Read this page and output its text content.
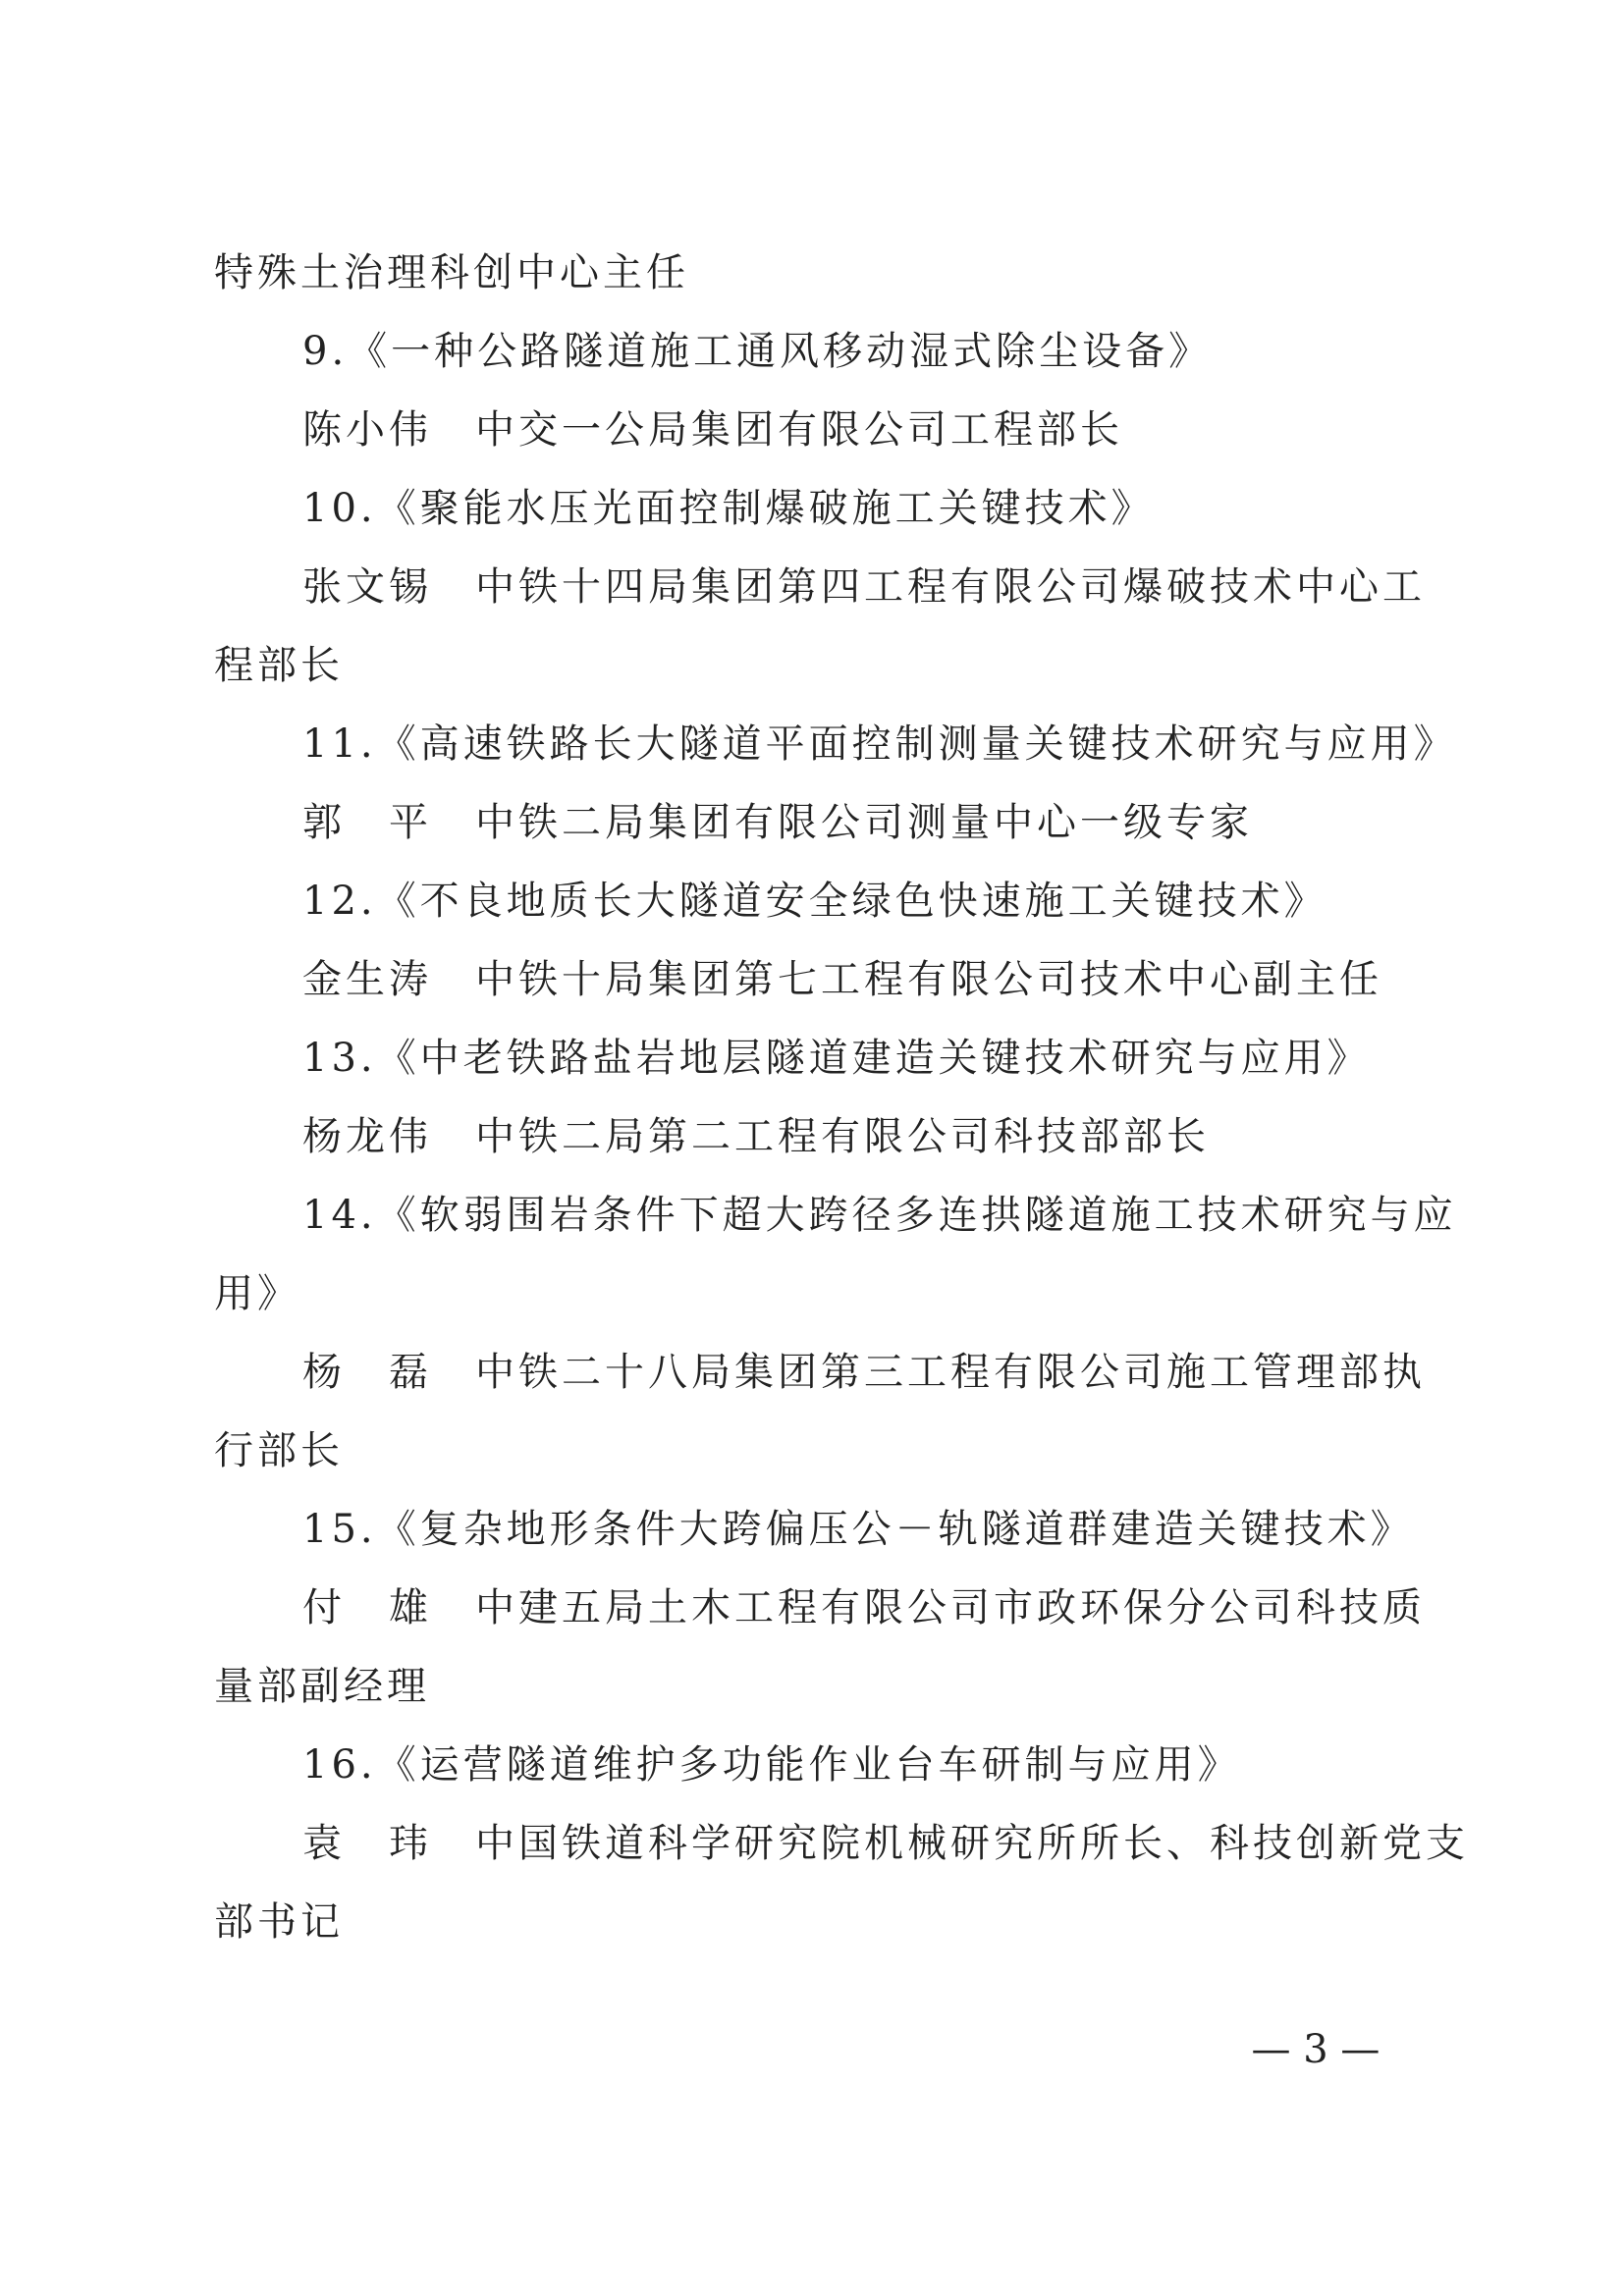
特殊土治理科创中心主任
9.《一种公路隧道施工通风移动湿式除尘设备》
陈小伟　中交一公局集团有限公司工程部长
10.《聚能水压光面控制爆破施工关键技术》
张文锡　中铁十四局集团第四工程有限公司爆破技术中心工
程部长
11.《高速铁路长大隧道平面控制测量关键技术研究与应用》
郭　平　中铁二局集团有限公司测量中心一级专家
12.《不良地质长大隧道安全绿色快速施工关键技术》
金生涛　中铁十局集团第七工程有限公司技术中心副主任
13.《中老铁路盐岩地层隧道建造关键技术研究与应用》
杨龙伟　中铁二局第二工程有限公司科技部部长
14.《软弱围岩条件下超大跨径多连拱隧道施工技术研究与应
用》
杨　磊　中铁二十八局集团第三工程有限公司施工管理部执
行部长
15.《复杂地形条件大跨偏压公－轨隧道群建造关键技术》
付　雄　中建五局土木工程有限公司市政环保分公司科技质
量部副经理
16.《运营隧道维护多功能作业台车研制与应用》
袁　玮　中国铁道科学研究院机械研究所所长、科技创新党支
部书记
— 3 —
